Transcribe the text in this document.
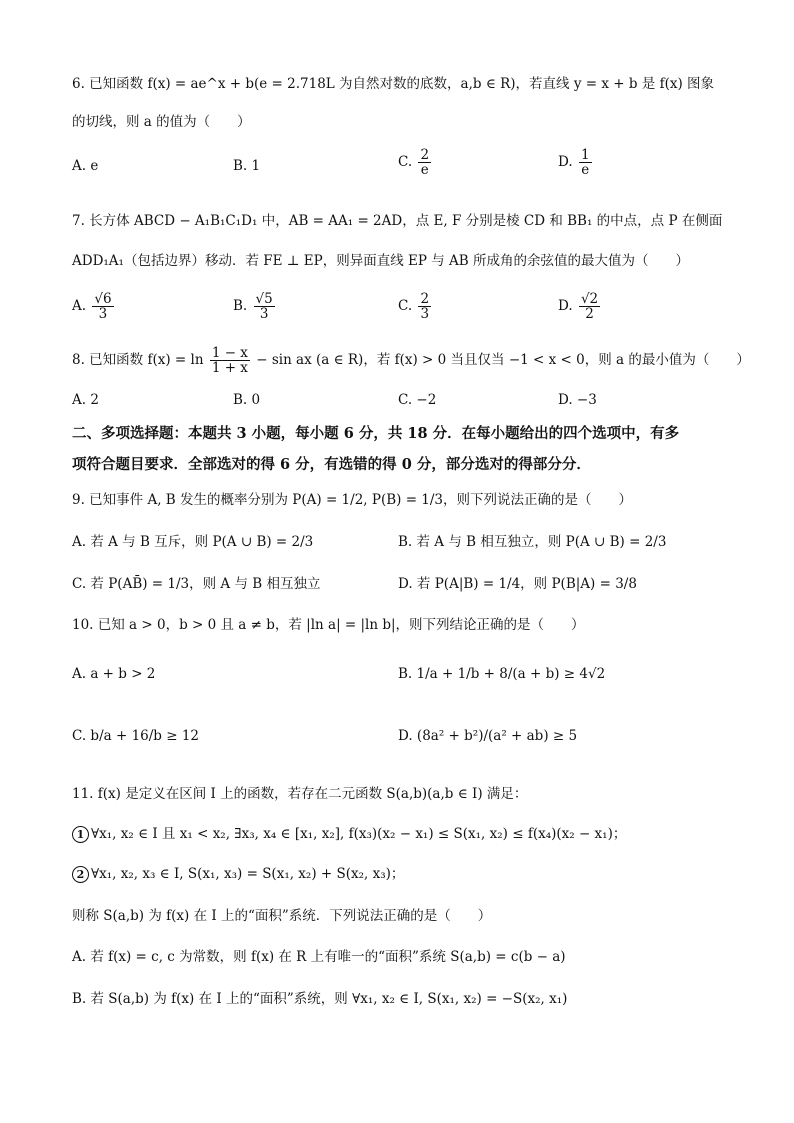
6. 已知函数 f(x) = ae^x + b(e = 2.718L 为自然对数的底数，a,b ∈ R)，若直线 y = x + b 是 f(x) 图象
的切线，则 a 的值为（　　）
A. e	B. 1	C. $\frac{2}{e}$	D. $\frac{1}{e}$
7. 长方体 ABCD − A₁B₁C₁D₁ 中，AB = AA₁ = 2AD，点 E, F 分别是棱 CD 和 BB₁ 的中点，点 P 在侧面
ADD₁A₁（包括边界）移动．若 FE ⊥ EP，则异面直线 EP 与 AB 所成角的余弦值的最大值为（　　）
A. $\frac{√6}{3}$	B. $\frac{√5}{3}$	C. $\frac{2}{3}$	D. $\frac{√2}{2}$
8. 已知函数 $f(x) = \ln \frac{1 - x}{1 + x} - \sin$ ax (a ∈ R)，若 f(x) > 0 当且仅当 −1 < x < 0，则 a 的最小值为（　　）
A. 2	B. 0	C. −2	D. −3
二、多项选择题：本题共 3 小题，每小题 6 分，共 18 分．在每小题给出的四个选项中，有多
项符合题目要求．全部选对的得 6 分，有选错的得 0 分，部分选对的得部分分．
9. 已知事件 A, B 发生的概率分别为 P(A) = 1/2, P(B) = 1/3，则下列说法正确的是（　　）
A. 若 A 与 B 互斥，则 P(A ∪ B) = 2/3	B. 若 A 与 B 相互独立，则 P(A ∪ B) = 2/3
C. 若 P(AB̄) = 1/3，则 A 与 B 相互独立	D. 若 P(A|B) = 1/4，则 P(B|A) = 3/8
10. 已知 a > 0，b > 0 且 a ≠ b，若 |ln a| = |ln b|，则下列结论正确的是（　　）
A. a + b > 2	B. 1/a + 1/b + 8/(a + b) ≥ 4√2
C. b/a + 16/b ≥ 12	D. (8a² + b²)/(a² + ab) ≥ 5
11. f(x) 是定义在区间 I 上的函数，若存在二元函数 S(a,b)(a,b ∈ I) 满足：
1 ∀x₁, x₂ ∈ I 且 x₁ < x₂, ∃x₃, x₄ ∈ [x₁, x₂], f(x₃)(x₂ − x₁) ≤ S(x₁, x₂) ≤ f(x₄)(x₂ − x₁)；
2 ∀x₁, x₂, x₃ ∈ I, S(x₁, x₃) = S(x₁, x₂) + S(x₂, x₃)；
则称 S(a,b) 为 f(x) 在 I 上的“面积”系统．下列说法正确的是（　　）
A. 若 f(x) = c, c 为常数，则 f(x) 在 R 上有唯一的“面积”系统 S(a,b) = c(b − a)
B. 若 S(a,b) 为 f(x) 在 I 上的“面积”系统，则 ∀x₁, x₂ ∈ I, S(x₁, x₂) = −S(x₂, x₁)
